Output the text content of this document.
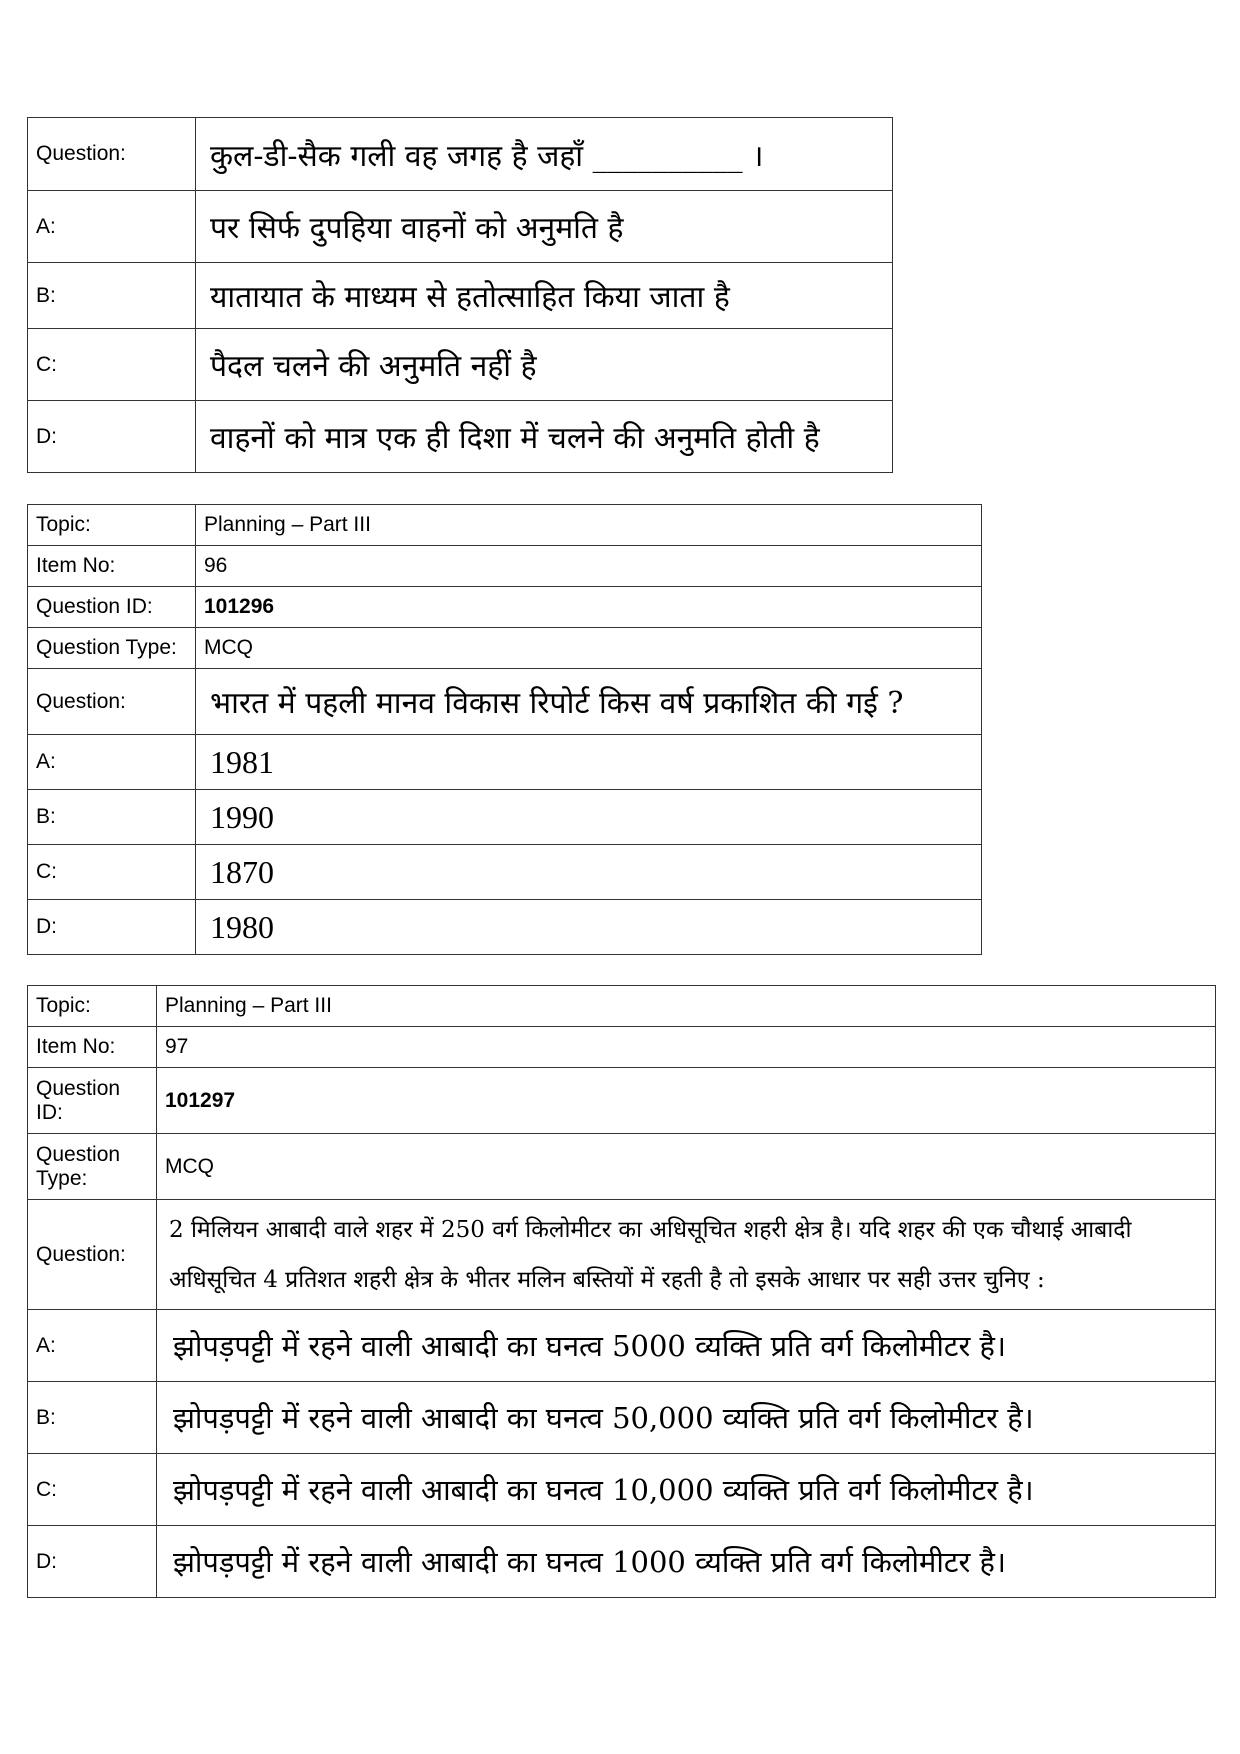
Question:	कुल-डी-सैक गली वह जगह है जहाँ __________ ।
A:	पर सिर्फ दुपहिया वाहनों को अनुमति है
B:	यातायात के माध्यम से हतोत्साहित किया जाता है
C:	पैदल चलने की अनुमति नहीं है
D:	वाहनों को मात्र एक ही दिशा में चलने की अनुमति होती है
Topic:	Planning – Part III
Item No:	96
Question ID:	101296
Question Type:	MCQ
Question:	भारत में पहली मानव विकास रिपोर्ट किस वर्ष प्रकाशित की गई ?
A:	1981
B:	1990
C:	1870
D:	1980
Topic:	Planning – Part III
Item No:	97
Question ID:	101297
Question Type:	MCQ
Question:	2 मिलियन आबादी वाले शहर में 250 वर्ग किलोमीटर का अधिसूचित शहरी क्षेत्र है। यदि शहर की एक चौथाई आबादी अधिसूचित 4 प्रतिशत शहरी क्षेत्र के भीतर मलिन बस्तियों में रहती है तो इसके आधार पर सही उत्तर चुनिए :
A:	झोपड़पट्टी में रहने वाली आबादी का घनत्व 5000 व्यक्ति प्रति वर्ग किलोमीटर है।
B:	झोपड़पट्टी में रहने वाली आबादी का घनत्व 50,000 व्यक्ति प्रति वर्ग किलोमीटर है।
C:	झोपड़पट्टी में रहने वाली आबादी का घनत्व 10,000 व्यक्ति प्रति वर्ग किलोमीटर है।
D:	झोपड़पट्टी में रहने वाली आबादी का घनत्व 1000 व्यक्ति प्रति वर्ग किलोमीटर है।
